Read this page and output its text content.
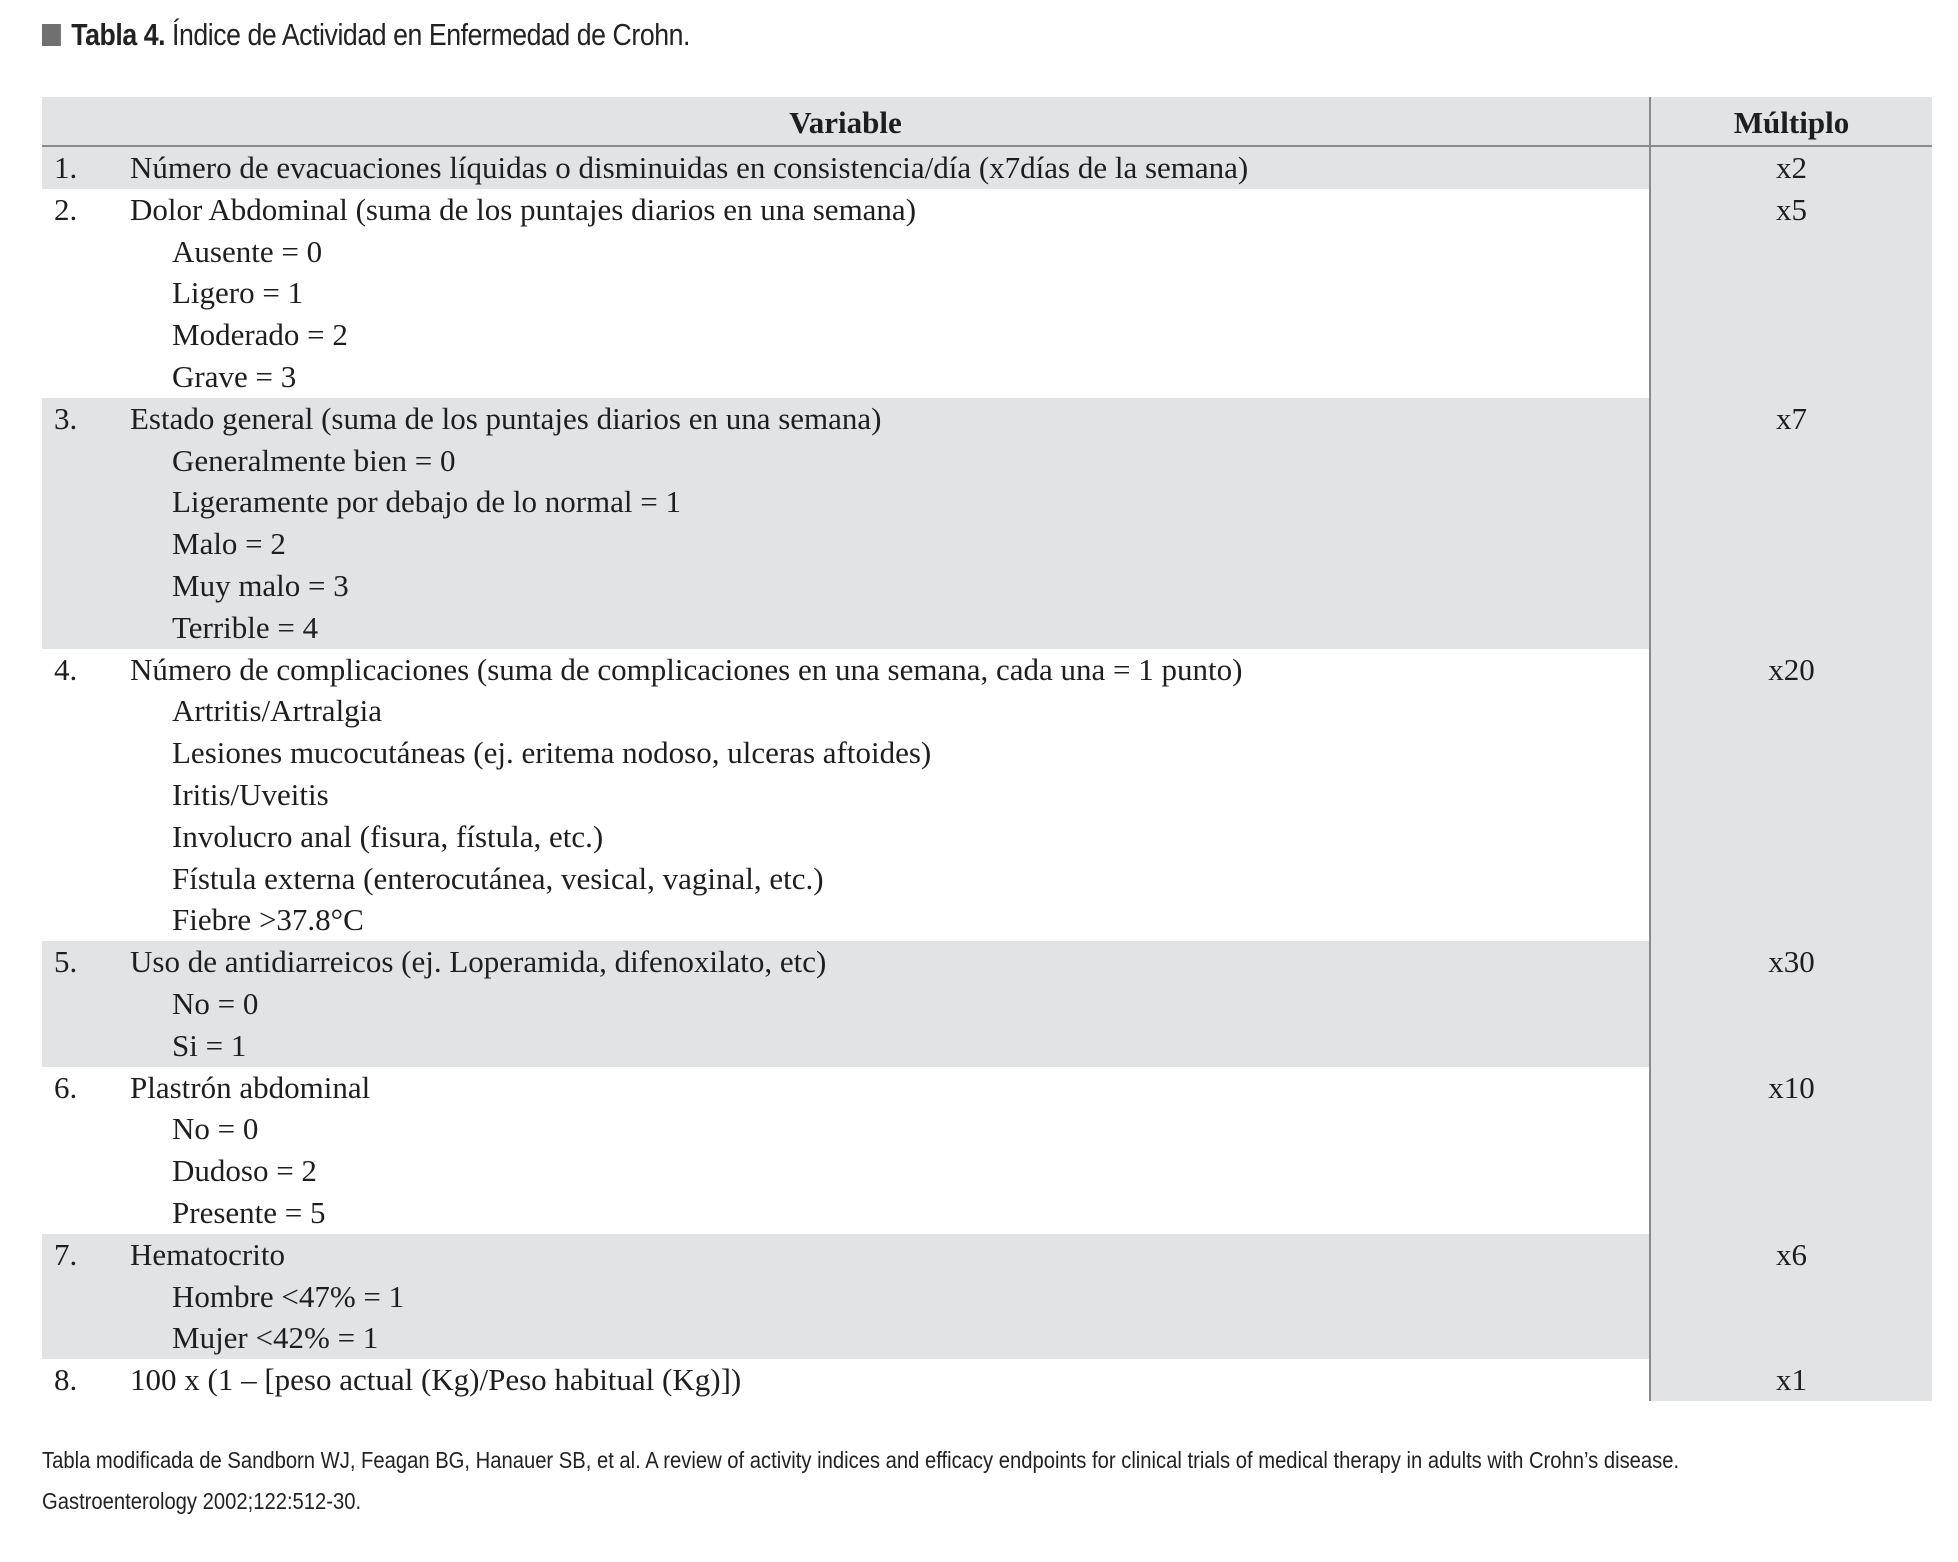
Tabla 4. Índice de Actividad en Enfermedad de Crohn.
Variable	Múltiplo
1.	Número de evacuaciones líquidas o disminuidas en consistencia/día (x7días de la semana)	x2
2.	Dolor Abdominal (suma de los puntajes diarios en una semana)
Ausente = 0
Ligero = 1
Moderado = 2
Grave = 3
x5
3.	Estado general (suma de los puntajes diarios en una semana)
Generalmente bien = 0
Ligeramente por debajo de lo normal = 1
Malo = 2
Muy malo = 3
Terrible = 4
x7
4.	Número de complicaciones (suma de complicaciones en una semana, cada una = 1 punto)
Artritis/Artralgia
Lesiones mucocutáneas (ej. eritema nodoso, ulceras aftoides)
Iritis/Uveitis
Involucro anal (fisura, fístula, etc.)
Fístula externa (enterocutánea, vesical, vaginal, etc.)
Fiebre >37.8°C
x20
5.	Uso de antidiarreicos (ej. Loperamida, difenoxilato, etc)
No = 0
Si = 1
x30
6.	Plastrón abdominal
No = 0
Dudoso = 2
Presente = 5
x10
7.	Hematocrito
Hombre <47% = 1
Mujer <42% = 1
x6
8.	100 x (1 – [peso actual (Kg)/Peso habitual (Kg)])	x1
Tabla modificada de Sandborn WJ, Feagan BG, Hanauer SB, et al. A review of activity indices and efficacy endpoints for clinical trials of medical therapy in adults with Crohn’s disease. Gastroenterology 2002;122:512-30.
